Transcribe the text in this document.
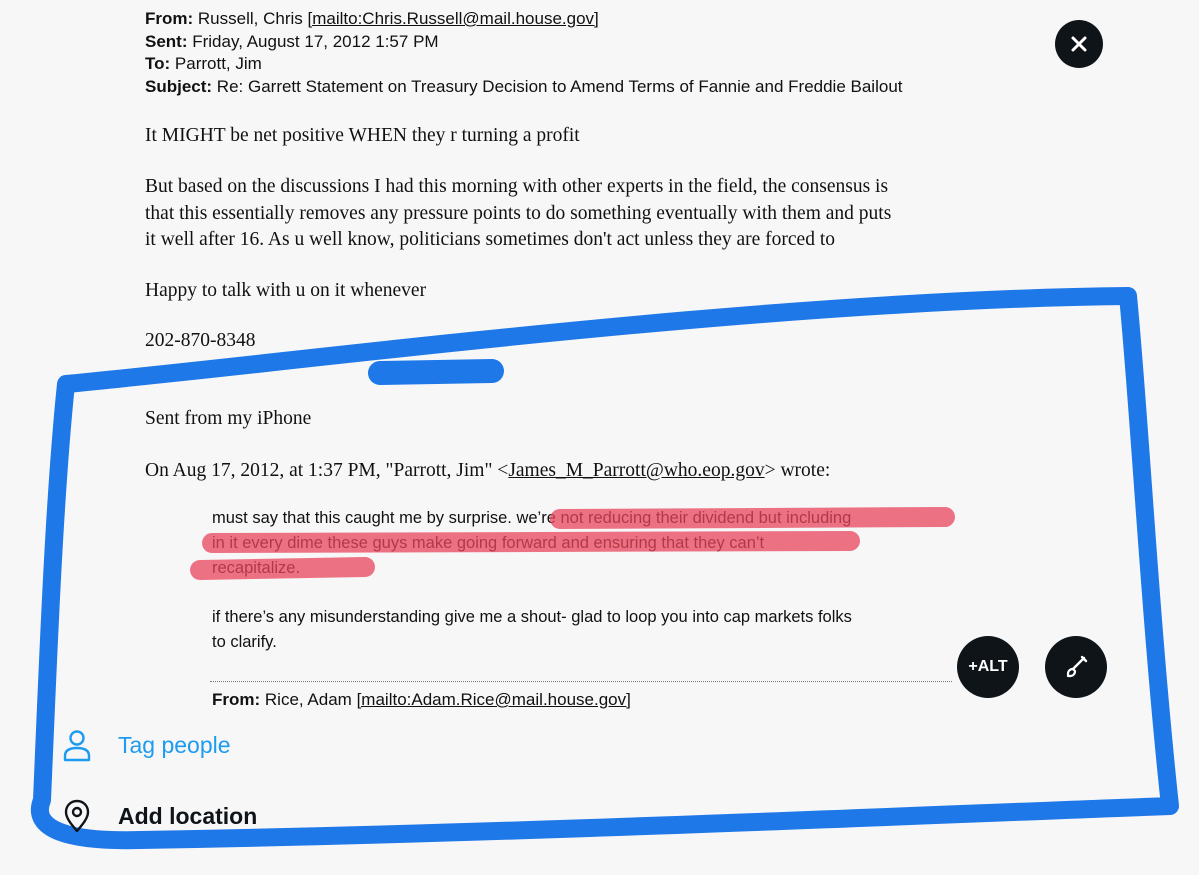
From: Russell, Chris [mailto:Chris.Russell@mail.house.gov]
Sent: Friday, August 17, 2012 1:57 PM
To: Parrott, Jim
Subject: Re: Garrett Statement on Treasury Decision to Amend Terms of Fannie and Freddie Bailout
It MIGHT be net positive WHEN they r turning a profit
But based on the discussions I had this morning with other experts in the field, the consensus is
that this essentially removes any pressure points to do something eventually with them and puts
it well after 16. As u well know, politicians sometimes don't act unless they are forced to
Happy to talk with u on it whenever
202-870-8348
Sent from my iPhone
On Aug 17, 2012, at 1:37 PM, "Parrott, Jim" <James_M_Parrott@who.eop.gov> wrote:
must say that this caught me by surprise. we’re not reducing their dividend but including
in it every dime these guys make going forward and ensuring that they can’t
recapitalize.
if there’s any misunderstanding give me a shout- glad to loop you into cap markets folks
to clarify.
From: Rice, Adam [mailto:Adam.Rice@mail.house.gov]
+ALT
Tag people
Add location
